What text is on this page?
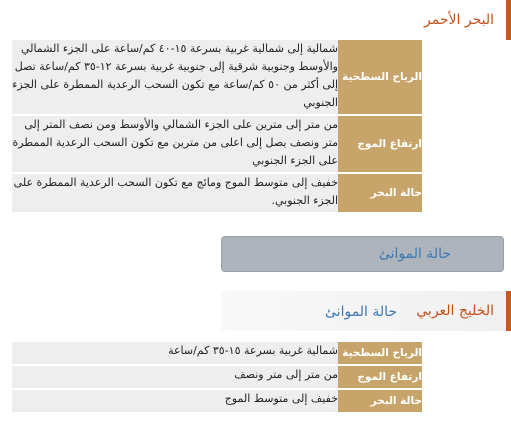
البحر الأحمر
شمالية إلى شمالية غربية بسرعة ١٥-٤٠ كم/ساعة على الجزء الشمالي والأوسط وجنوبية شرقية إلى جنوبية غربية بسرعة ١٢-٣٥ كم/ساعة تصل إلى أكثر من ٥٠ كم/ساعة مع تكون السحب الرعدية الممطرة على الجزء الجنوبي	الرياح السطحية
من متر إلى مترين على الجزء الشمالي والأوسط ومن نصف المتر إلى متر ونصف يصل إلى اعلى من مترين مع تكون السحب الرعدية الممطرة على الجزء الجنوبي	ارتفاع الموج
خفيف إلى متوسط الموج ومائج مع تكون السحب الرعدية الممطرة على الجزء الجنوبي.	حالة البحر
حالة الموانئ
الخليج العربي
حالة الموانئ
شمالية غربية بسرعة ١٥-٣٥ كم/ساعة	الرياح السطحية
من متر إلى متر ونصف	ارتفاع الموج
خفيف إلى متوسط الموج	حالة البحر
